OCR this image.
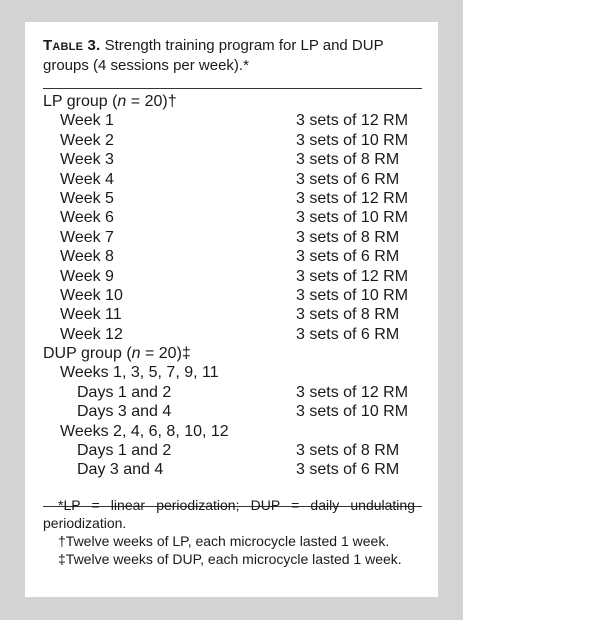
Table 3. Strength training program for LP and DUP groups (4 sessions per week).*
LP group (n = 20)†
Week 1	3 sets of 12 RM
Week 2	3 sets of 10 RM
Week 3	3 sets of 8 RM
Week 4	3 sets of 6 RM
Week 5	3 sets of 12 RM
Week 6	3 sets of 10 RM
Week 7	3 sets of 8 RM
Week 8	3 sets of 6 RM
Week 9	3 sets of 12 RM
Week 10	3 sets of 10 RM
Week 11	3 sets of 8 RM
Week 12	3 sets of 6 RM
DUP group (n = 20)‡
Weeks 1, 3, 5, 7, 9, 11
Days 1 and 2	3 sets of 12 RM
Days 3 and 4	3 sets of 10 RM
Weeks 2, 4, 6, 8, 10, 12
Days 1 and 2	3 sets of 8 RM
Day 3 and 4	3 sets of 6 RM

*LP = linear periodization; DUP = daily undulating periodization.

†Twelve weeks of LP, each microcycle lasted 1 week.

‡Twelve weeks of DUP, each microcycle lasted 1 week.
